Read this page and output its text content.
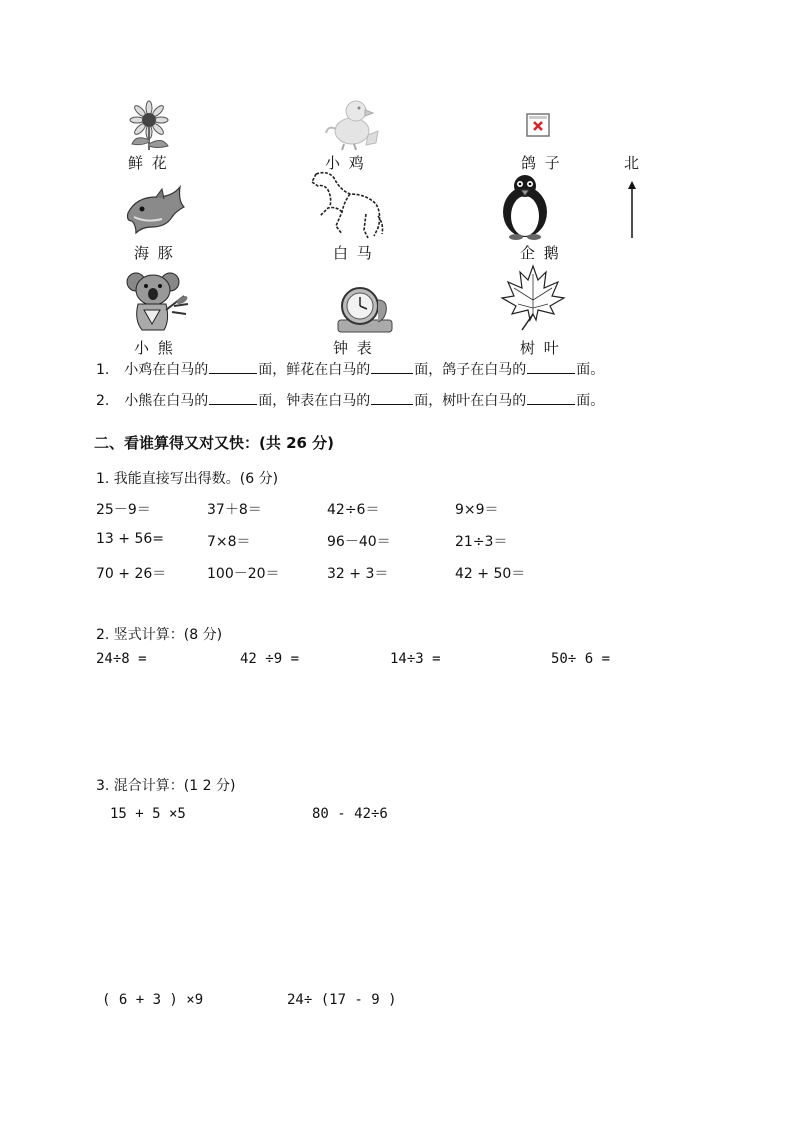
鲜 花	小 鸡	鸽 子	北
海 豚	白 马	企 鹅
小 熊	钟 表	树 叶
1. 小鸡在白马的	面，鲜花在白马的	面，鸽子在白马的	面。
2. 小熊在白马的	面，钟表在白马的	面，树叶在白马的	面。
二、看谁算得又对又快：(共 26 分)
1. 我能直接写出得数。(6 分)
25－9＝	37＋8＝	42÷6＝	9×9＝
13 + 56=	7×8＝	96－40＝	21÷3＝
70 + 26＝	100－20＝	32 + 3＝	42 + 50＝
2. 竖式计算：(8 分)
24÷8 =	42 ÷9 =	14÷3 =	50÷ 6 =
3. 混合计算：(1 2 分)
15 + 5 ×5	80 - 42÷6
( 6 + 3 ) ×9	24÷ (17 - 9 )
